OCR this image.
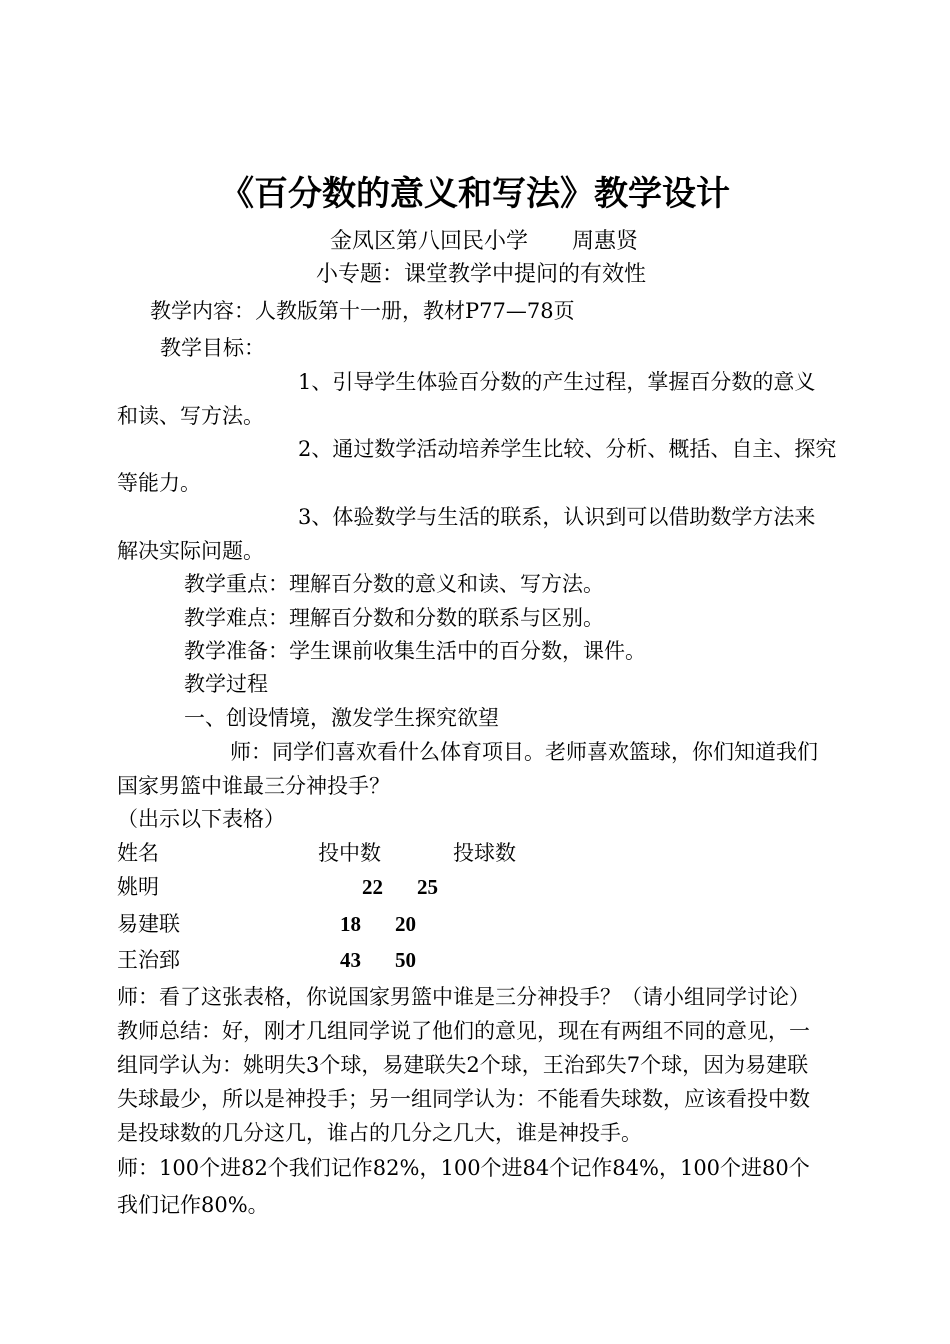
《百分数的意义和写法》教学设计
金凤区第八回民小学　　周惠贤
小专题：课堂教学中提问的有效性
教学内容：人教版第十一册，教材P77—78页
教学目标：
1、引导学生体验百分数的产生过程，掌握百分数的意义
和读、写方法。
2、通过数学活动培养学生比较、分析、概括、自主、探究
等能力。
3、体验数学与生活的联系，认识到可以借助数学方法来
解决实际问题。
教学重点：理解百分数的意义和读、写方法。
教学难点：理解百分数和分数的联系与区别。
教学准备：学生课前收集生活中的百分数，课件。
教学过程
一、创设情境，激发学生探究欲望
师：同学们喜欢看什么体育项目。老师喜欢篮球，你们知道我们
国家男篮中谁最三分神投手？
（出示以下表格）
姓名	投中数	投球数
姚明	22 25
易建联	18 20
王治郅	43 50
师：看了这张表格，你说国家男篮中谁是三分神投手？（请小组同学讨论）
教师总结：好，刚才几组同学说了他们的意见，现在有两组不同的意见，一
组同学认为：姚明失3个球，易建联失2个球，王治郅失7个球，因为易建联
失球最少，所以是神投手；另一组同学认为：不能看失球数，应该看投中数
是投球数的几分这几，谁占的几分之几大，谁是神投手。
师：100个进82个我们记作82%，100个进84个记作84%，100个进80个
我们记作80%。
